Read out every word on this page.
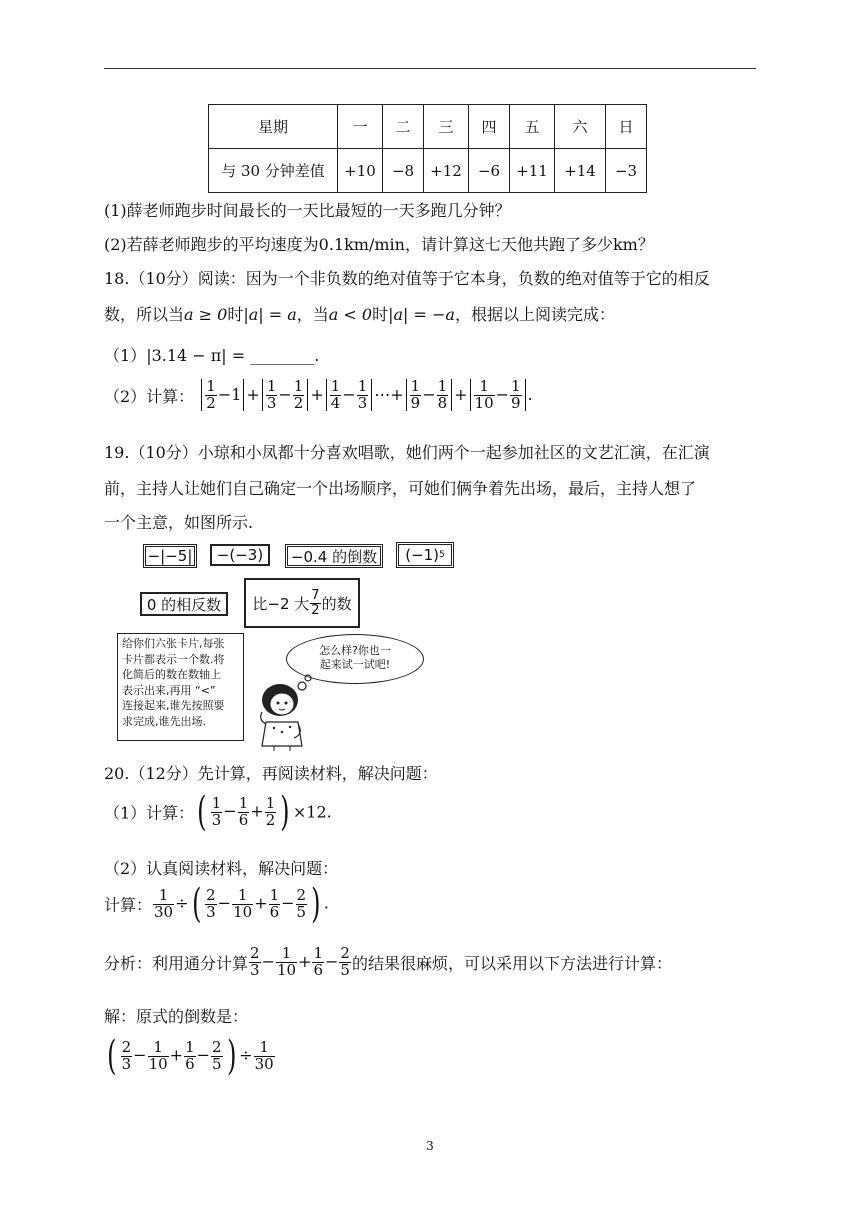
星期	一	二	三	四	五	六	日
与 30 分钟差值	+10	−8	+12	−6	+11	+14	−3
(1)薛老师跑步时间最长的一天比最短的一天多跑几分钟？
(2)若薛老师跑步的平均速度为0.1km/min，请计算这七天他共跑了多少km？
18.（10分）阅读：因为一个非负数的绝对值等于它本身，负数的绝对值等于它的相反
数，所以当a ≥ 0时|a| = a，当a < 0时|a| = −a，根据以上阅读完成：
（1）|3.14 − π| = ________.
（2）计算： $\frac{1}{2} -1 + \frac{1}{3} - \frac{1}{2} + \frac{1}{4} - \frac{1}{3}$ ⋯+ $\frac{1}{9} - \frac{1}{8} + \frac{1}{10} - \frac{1}{9}$ .
19.（10分）小琼和小凤都十分喜欢唱歌，她们两个一起参加社区的文艺汇演，在汇演
前，主持人让她们自己确定一个出场顺序，可她们俩争着先出场，最后，主持人想了
一个主意，如图所示.
−|−5|	−(−3)	−0.4 的倒数	(−1) 5
0 的相反数	比−2 大 $\frac{7}{2}$ 的数
给你们六张卡片,每张
卡片都表示一个数.将
化简后的数在数轴上
表示出来,再用 “<”
连接起来,谁先按照要
求完成,谁先出场.
怎么样?你也一
起来试一试吧!
20.（12分）先计算，再阅读材料，解决问题：
（1）计算：( $\frac{1}{3} - \frac{1}{6} + \frac{1}{2}$ ) ×12.
（2）认真阅读材料，解决问题：
计算： $\frac{1}{30}$ ÷( $\frac{2}{3} - \frac{1}{10} + \frac{1}{6} - \frac{2}{5}$ ) .
分析：利用通分计算 $\frac{2}{3} - \frac{1}{10} + \frac{1}{6} - \frac{2}{5}$ 的结果很麻烦，可以采用以下方法进行计算：
解：原式的倒数是：
( $\frac{2}{3} - \frac{1}{10} + \frac{1}{6} - \frac{2}{5}$ ) ÷ $\frac{1}{30}$
3
